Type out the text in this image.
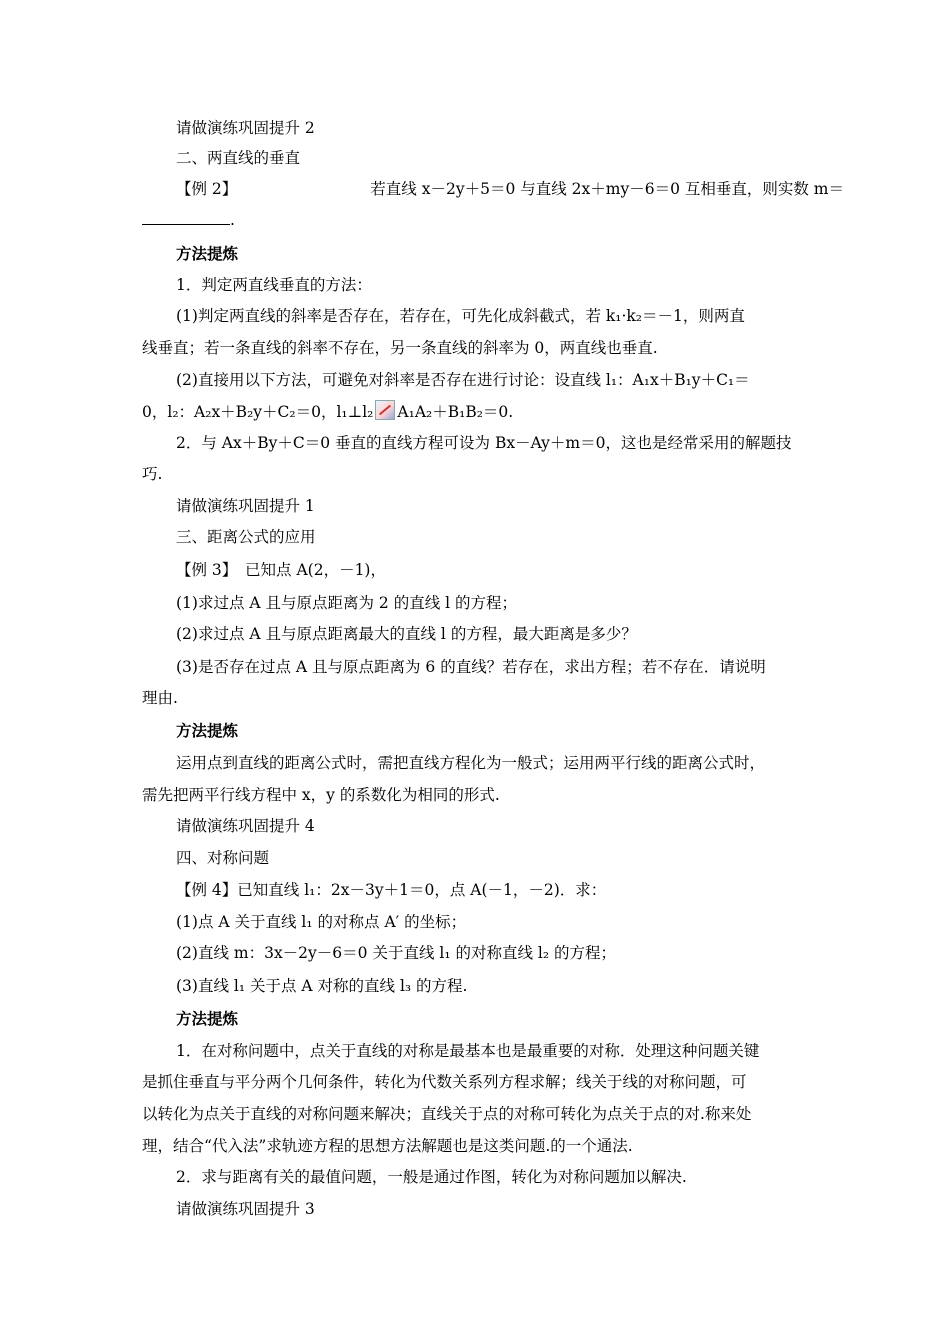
请做演练巩固提升 2
二、两直线的垂直
【例 2】	若直线 x－2y＋5＝0 与直线 2x＋my－6＝0 互相垂直，则实数 m＝
.
方法提炼
1．判定两直线垂直的方法：
(1)判定两直线的斜率是否存在，若存在，可先化成斜截式，若 k₁·k₂＝－1，则两直
线垂直；若一条直线的斜率不存在，另一条直线的斜率为 0，两直线也垂直.
(2)直接用以下方法，可避免对斜率是否存在进行讨论：设直线 l₁：A₁x＋B₁y＋C₁＝
0，l₂：A₂x＋B₂y＋C₂＝0，l₁⊥l₂ A₁A₂＋B₁B₂＝0.
2．与 Ax＋By＋C＝0 垂直的直线方程可设为 Bx－Ay＋m＝0，这也是经常采用的解题技
巧.
请做演练巩固提升 1
三、距离公式的应用
【例 3】　已知点 A(2，－1)，
(1)求过点 A 且与原点距离为 2 的直线 l 的方程；
(2)求过点 A 且与原点距离最大的直线 l 的方程，最大距离是多少？
(3)是否存在过点 A 且与原点距离为 6 的直线？若存在，求出方程；若不存在．请说明
理由.
方法提炼
运用点到直线的距离公式时，需把直线方程化为一般式；运用两平行线的距离公式时，
需先把两平行线方程中 x，y 的系数化为相同的形式.
请做演练巩固提升 4
四、对称问题
【例 4】已知直线 l₁：2x－3y＋1＝0，点 A(－1，－2)．求：
(1)点 A 关于直线 l₁ 的对称点 A′ 的坐标；
(2)直线 m：3x－2y－6＝0 关于直线 l₁ 的对称直线 l₂ 的方程；
(3)直线 l₁ 关于点 A 对称的直线 l₃ 的方程.
方法提炼
1．在对称问题中，点关于直线的对称是最基本也是最重要的对称．处理这种问题关键
是抓住垂直与平分两个几何条件，转化为代数关系列方程求解；线关于线的对称问题，可
以转化为点关于直线的对称问题来解决；直线关于点的对称可转化为点关于点的对.称来处
理，结合“代入法”求轨迹方程的思想方法解题也是这类问题.的一个通法.
2．求与距离有关的最值问题，一般是通过作图，转化为对称问题加以解决.
请做演练巩固提升 3
